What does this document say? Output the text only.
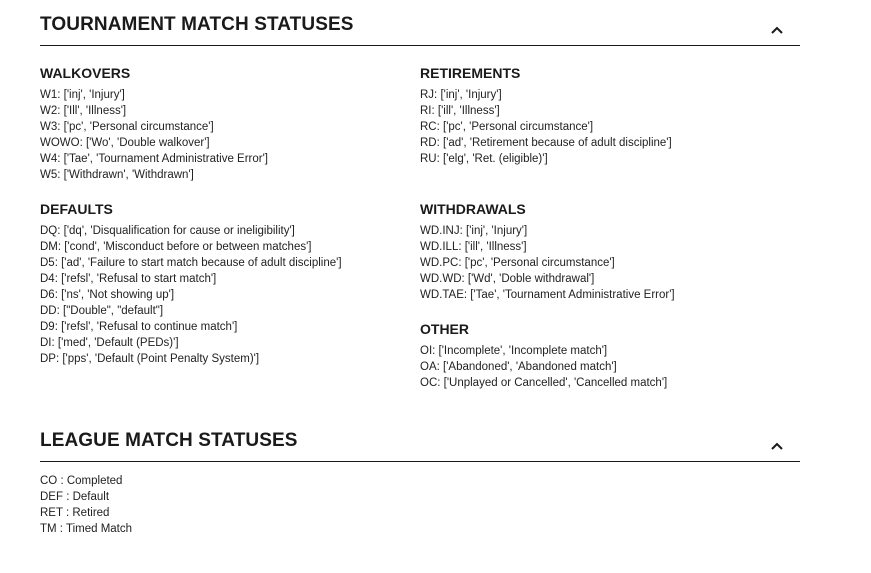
TOURNAMENT MATCH STATUSES
WALKOVERS
W1: ['inj', 'Injury']
W2: ['Ill', 'Illness']
W3: ['pc', 'Personal circumstance']
WOWO: ['Wo', 'Double walkover']
W4: ['Tae', 'Tournament Administrative Error']
W5: ['Withdrawn', 'Withdrawn']
DEFAULTS
DQ: ['dq', 'Disqualification for cause or ineligibility']
DM: ['cond', 'Misconduct before or between matches']
D5: ['ad', 'Failure to start match because of adult discipline']
D4: ['refsl', 'Refusal to start match']
D6: ['ns', 'Not showing up']
DD: ["Double", "default"]
D9: ['refsl', 'Refusal to continue match']
DI: ['med', 'Default (PEDs)']
DP: ['pps', 'Default (Point Penalty System)']
RETIREMENTS
RJ: ['inj', 'Injury']
RI: ['ill', 'Illness']
RC: ['pc', 'Personal circumstance']
RD: ['ad', 'Retirement because of adult discipline']
RU: ['elg', 'Ret. (eligible)']
WITHDRAWALS
WD.INJ: ['inj', 'Injury']
WD.ILL: ['ill', 'Illness']
WD.PC: ['pc', 'Personal circumstance']
WD.WD: ['Wd', 'Doble withdrawal']
WD.TAE: ['Tae', 'Tournament Administrative Error']
OTHER
OI: ['Incomplete', 'Incomplete match']
OA: ['Abandoned', 'Abandoned match']
OC: ['Unplayed or Cancelled', 'Cancelled match']
LEAGUE MATCH STATUSES
CO : Completed
DEF : Default
RET : Retired
TM : Timed Match
